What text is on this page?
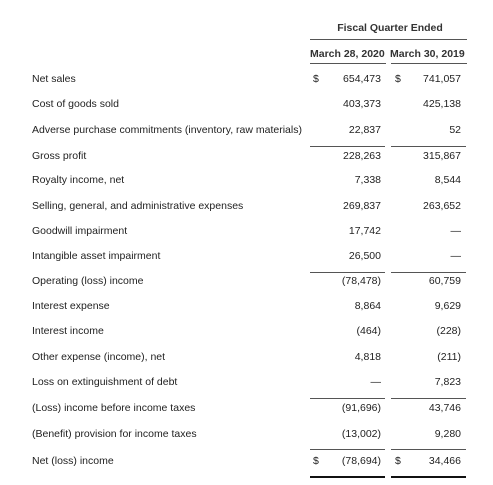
Fiscal Quarter Ended
March 28, 2020 March 30, 2019
Net sales	654,473	741,057
$	$
Cost of goods sold	403,373	425,138
Adverse purchase commitments (inventory, raw materials)	22,837	52
Gross profit	228,263	315,867
Royalty income, net	7,338	8,544
Selling, general, and administrative expenses	269,837	263,652
Goodwill impairment	17,742	—
Intangible asset impairment	26,500	—
Operating (loss) income	(78,478)	60,759
Interest expense	8,864	9,629
Interest income	(464)	(228)
Other expense (income), net	4,818	(211)
Loss on extinguishment of debt	—	7,823
(Loss) income before income taxes	(91,696)	43,746
(Benefit) provision for income taxes	(13,002)	9,280
Net (loss) income	(78,694)	34,466
$	$
